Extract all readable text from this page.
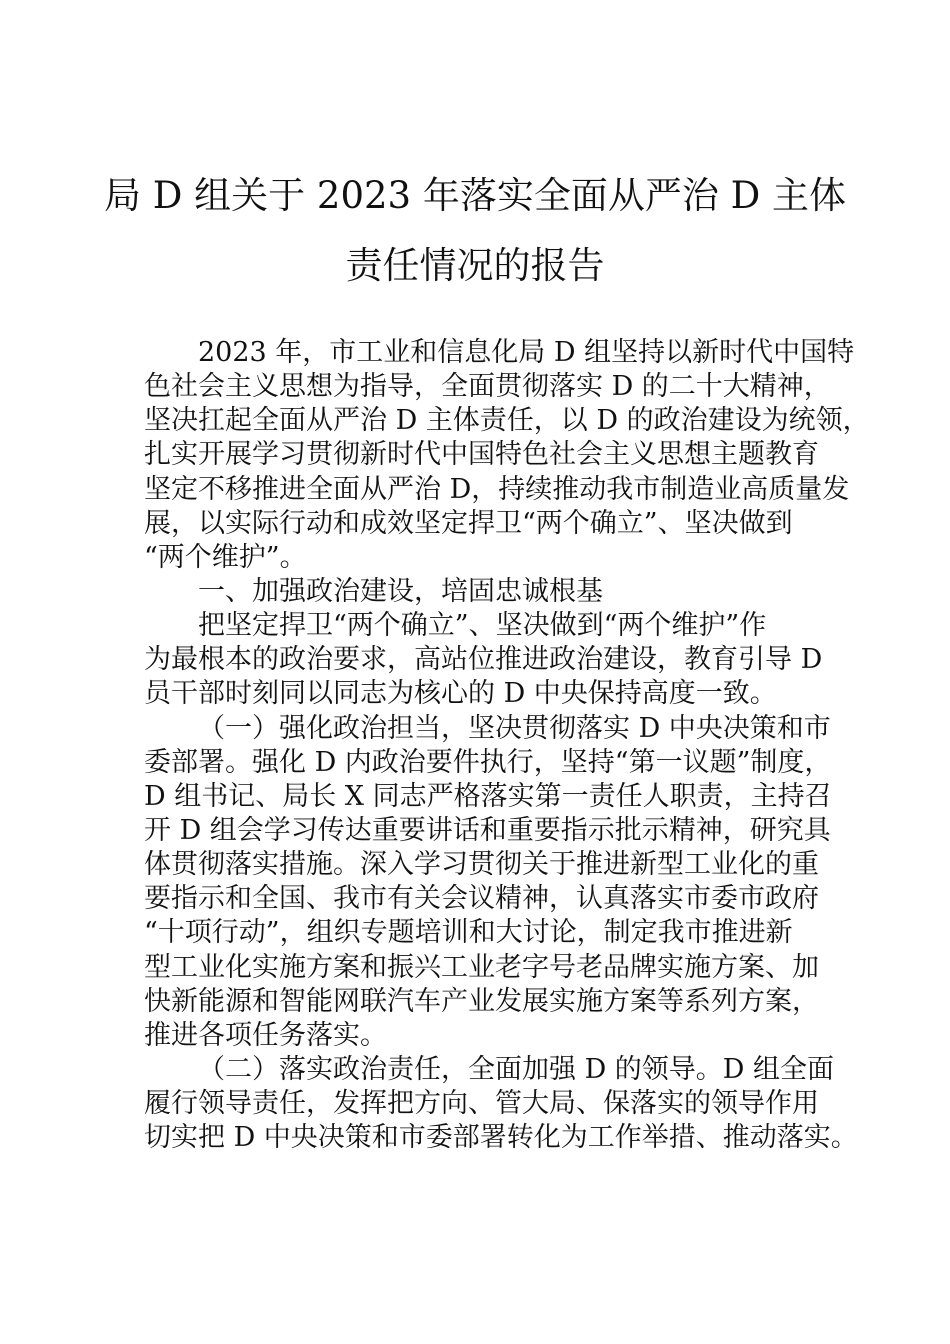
局 D 组关于 2023 年落实全面从严治 D 主体
责任情况的报告
2023 年，市工业和信息化局 D 组坚持以新时代中国特
色社会主义思想为指导，全面贯彻落实 D 的二十大精神，
坚决扛起全面从严治 D 主体责任，以 D 的政治建设为统领，
扎实开展学习贯彻新时代中国特色社会主义思想主题教育
坚定不移推进全面从严治 D，持续推动我市制造业高质量发
展，以实际行动和成效坚定捍卫“两个确立”、坚决做到
“两个维护”。
一、加强政治建设，培固忠诚根基
把坚定捍卫“两个确立”、坚决做到“两个维护”作
为最根本的政治要求，高站位推进政治建设，教育引导 D
员干部时刻同以同志为核心的 D 中央保持高度一致。
（一）强化政治担当，坚决贯彻落实 D 中央决策和市
委部署。强化 D 内政治要件执行，坚持“第一议题”制度，
D 组书记、局长 X 同志严格落实第一责任人职责，主持召
开 D 组会学习传达重要讲话和重要指示批示精神，研究具
体贯彻落实措施。深入学习贯彻关于推进新型工业化的重
要指示和全国、我市有关会议精神，认真落实市委市政府
“十项行动”，组织专题培训和大讨论，制定我市推进新
型工业化实施方案和振兴工业老字号老品牌实施方案、加
快新能源和智能网联汽车产业发展实施方案等系列方案，
推进各项任务落实。
（二）落实政治责任，全面加强 D 的领导。D 组全面
履行领导责任，发挥把方向、管大局、保落实的领导作用
切实把 D 中央决策和市委部署转化为工作举措、推动落实。
